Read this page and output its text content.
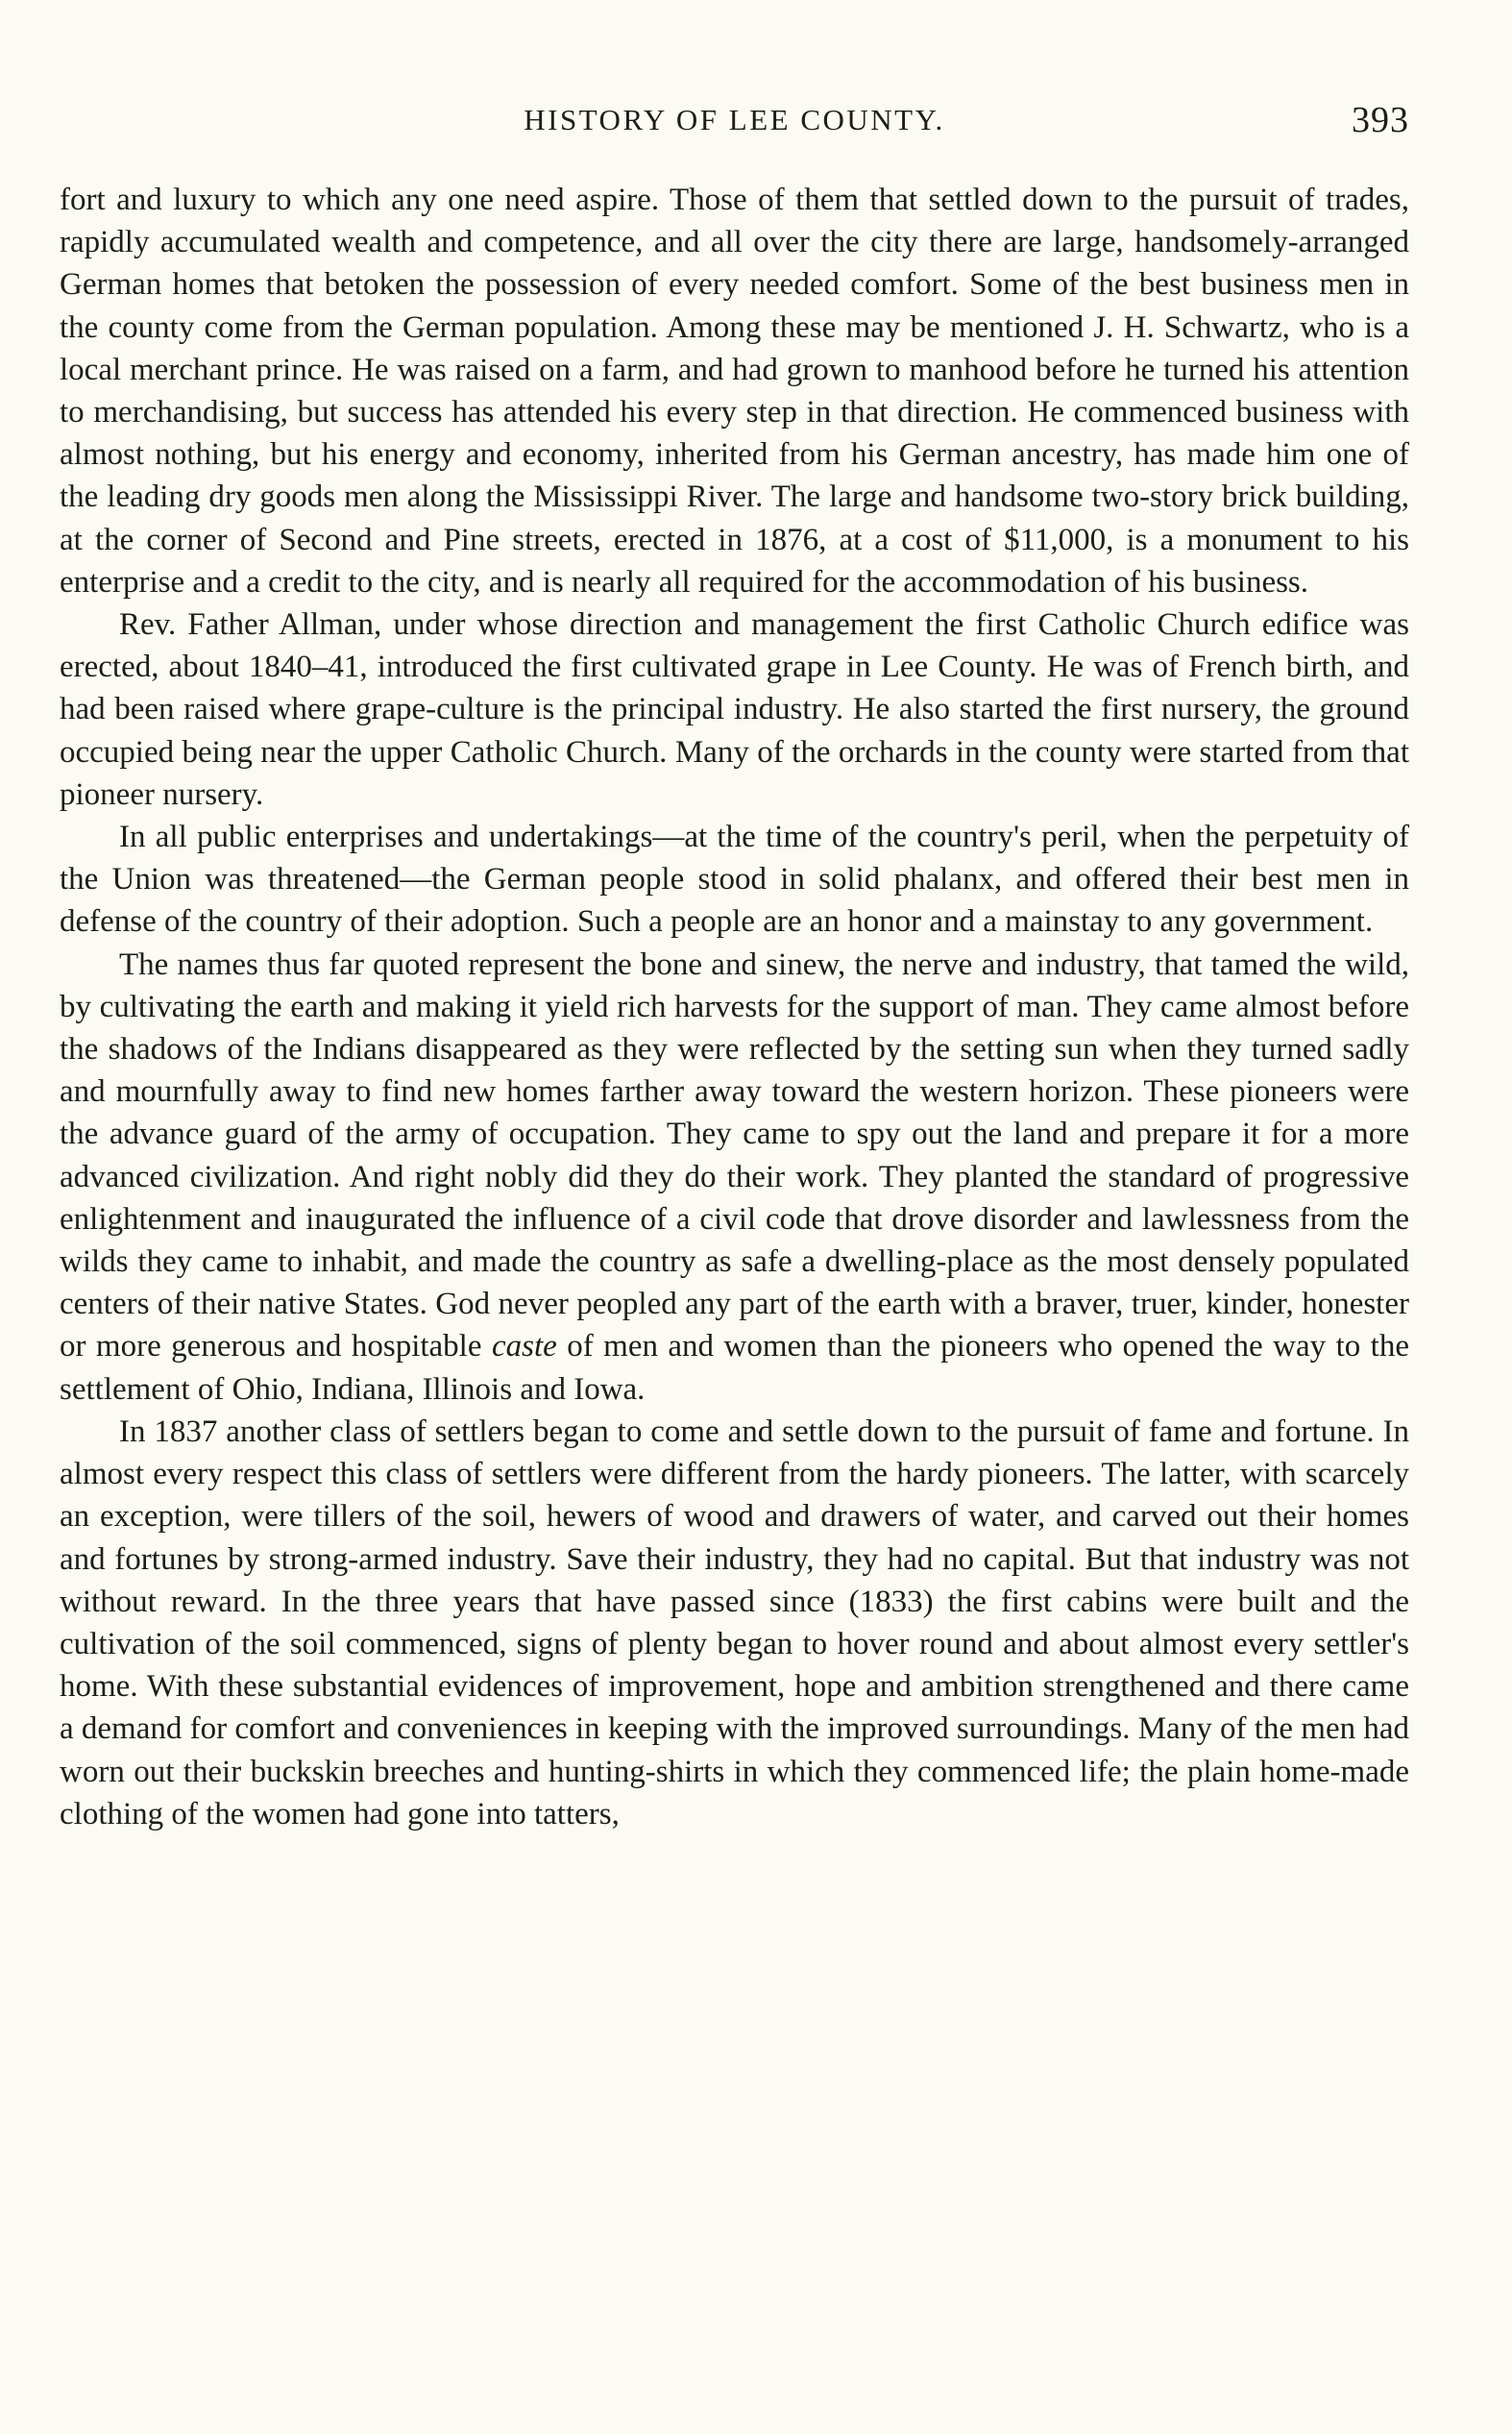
HISTORY OF LEE COUNTY.	393

fort and luxury to which any one need aspire. Those of them that settled down to the pursuit of trades, rapidly accumulated wealth and competence, and all over the city there are large, handsomely-arranged German homes that betoken the possession of every needed comfort. Some of the best business men in the county come from the German population. Among these may be mentioned J. H. Schwartz, who is a local merchant prince. He was raised on a farm, and had grown to manhood before he turned his attention to merchandising, but success has attended his every step in that direction. He commenced business with almost nothing, but his energy and economy, inherited from his German ancestry, has made him one of the leading dry goods men along the Mississippi River. The large and handsome two-story brick building, at the corner of Second and Pine streets, erected in 1876, at a cost of $11,000, is a monument to his enterprise and a credit to the city, and is nearly all required for the accommodation of his business.

Rev. Father Allman, under whose direction and management the first Catholic Church edifice was erected, about 1840–41, introduced the first cultivated grape in Lee County. He was of French birth, and had been raised where grape-culture is the principal industry. He also started the first nursery, the ground occupied being near the upper Catholic Church. Many of the orchards in the county were started from that pioneer nursery.

In all public enterprises and undertakings—at the time of the country's peril, when the perpetuity of the Union was threatened—the German people stood in solid phalanx, and offered their best men in defense of the country of their adoption. Such a people are an honor and a mainstay to any government.

The names thus far quoted represent the bone and sinew, the nerve and industry, that tamed the wild, by cultivating the earth and making it yield rich harvests for the support of man. They came almost before the shadows of the Indians disappeared as they were reflected by the setting sun when they turned sadly and mournfully away to find new homes farther away toward the western horizon. These pioneers were the advance guard of the army of occupation. They came to spy out the land and prepare it for a more advanced civilization. And right nobly did they do their work. They planted the standard of progressive enlightenment and inaugurated the influence of a civil code that drove disorder and lawlessness from the wilds they came to inhabit, and made the country as safe a dwelling-place as the most densely populated centers of their native States. God never peopled any part of the earth with a braver, truer, kinder, honester or more generous and hospitable caste of men and women than the pioneers who opened the way to the settlement of Ohio, Indiana, Illinois and Iowa.

In 1837 another class of settlers began to come and settle down to the pursuit of fame and fortune. In almost every respect this class of settlers were different from the hardy pioneers. The latter, with scarcely an exception, were tillers of the soil, hewers of wood and drawers of water, and carved out their homes and fortunes by strong-armed industry. Save their industry, they had no capital. But that industry was not without reward. In the three years that have passed since (1833) the first cabins were built and the cultivation of the soil commenced, signs of plenty began to hover round and about almost every settler's home. With these substantial evidences of improvement, hope and ambition strengthened and there came a demand for comfort and conveniences in keeping with the improved surroundings. Many of the men had worn out their buckskin breeches and hunting-shirts in which they commenced life; the plain home-made clothing of the women had gone into tatters,
